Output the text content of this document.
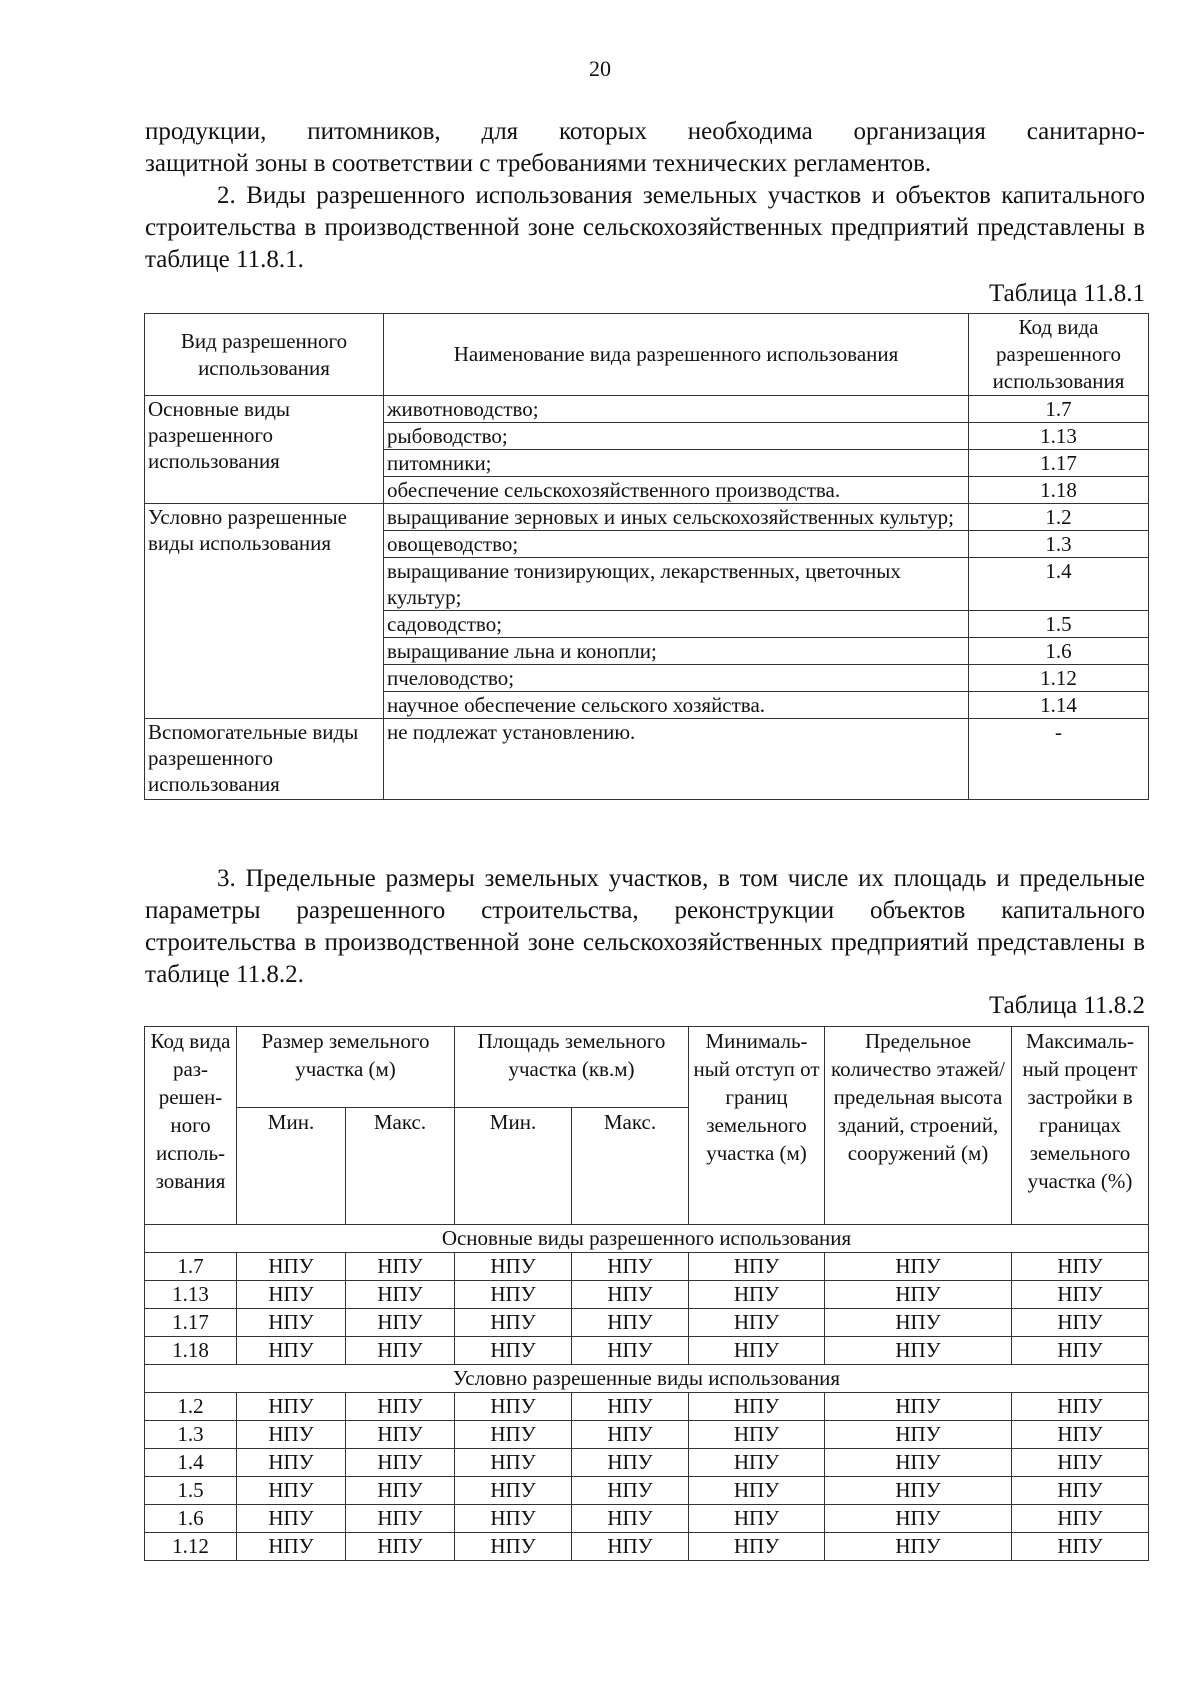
20

продукции, питомников, для которых необходима организация санитарно-

защитной зоны в соответствии с требованиями технических регламентов.

2. Виды разрешенного использования земельных участков и объектов капитального строительства в производственной зоне сельскохозяйственных предприятий представлены в таблице 11.8.1.

Таблица 11.8.1
Вид разрешенного использования	Наименование вида разрешенного использования	Код вида разрешенного использования
Основные виды разрешенного использования	животноводство;	1.7
	рыбоводство;	1.13
	питомники;	1.17
	обеспечение сельскохозяйственного производства.	1.18
Условно разрешенные виды использования	выращивание зерновых и иных сельскохозяйственных культур;	1.2
	овощеводство;	1.3
	выращивание тонизирующих, лекарственных, цветочных культур;	1.4
	садоводство;	1.5
	выращивание льна и конопли;	1.6
	пчеловодство;	1.12
	научное обеспечение сельского хозяйства.	1.14
Вспомогательные виды разрешенного использования	не подлежат установлению.	-

3. Предельные размеры земельных участков, в том числе их площадь и предельные параметры разрешенного строительства, реконструкции объектов капитального строительства в производственной зоне сельскохозяйственных предприятий представлены в таблице 11.8.2.

Таблица 11.8.2
Код вида раз-решен-ного исполь-зования	Размер земельного участка (м)		Площадь земельного участка (кв.м)		Минималь-ный отступ от границ земельного участка (м)	Предельное количество этажей/ предельная высота зданий, строений, сооружений (м)	Максималь-ный процент застройки в границах земельного участка (%)
	Мин.	Макс.	Мин.	Макс.			
Основные виды разрешенного использования							
1.7	НПУ	НПУ	НПУ	НПУ	НПУ	НПУ	НПУ
1.13	НПУ	НПУ	НПУ	НПУ	НПУ	НПУ	НПУ
1.17	НПУ	НПУ	НПУ	НПУ	НПУ	НПУ	НПУ
1.18	НПУ	НПУ	НПУ	НПУ	НПУ	НПУ	НПУ
Условно разрешенные виды использования							
1.2	НПУ	НПУ	НПУ	НПУ	НПУ	НПУ	НПУ
1.3	НПУ	НПУ	НПУ	НПУ	НПУ	НПУ	НПУ
1.4	НПУ	НПУ	НПУ	НПУ	НПУ	НПУ	НПУ
1.5	НПУ	НПУ	НПУ	НПУ	НПУ	НПУ	НПУ
1.6	НПУ	НПУ	НПУ	НПУ	НПУ	НПУ	НПУ
1.12	НПУ	НПУ	НПУ	НПУ	НПУ	НПУ	НПУ
